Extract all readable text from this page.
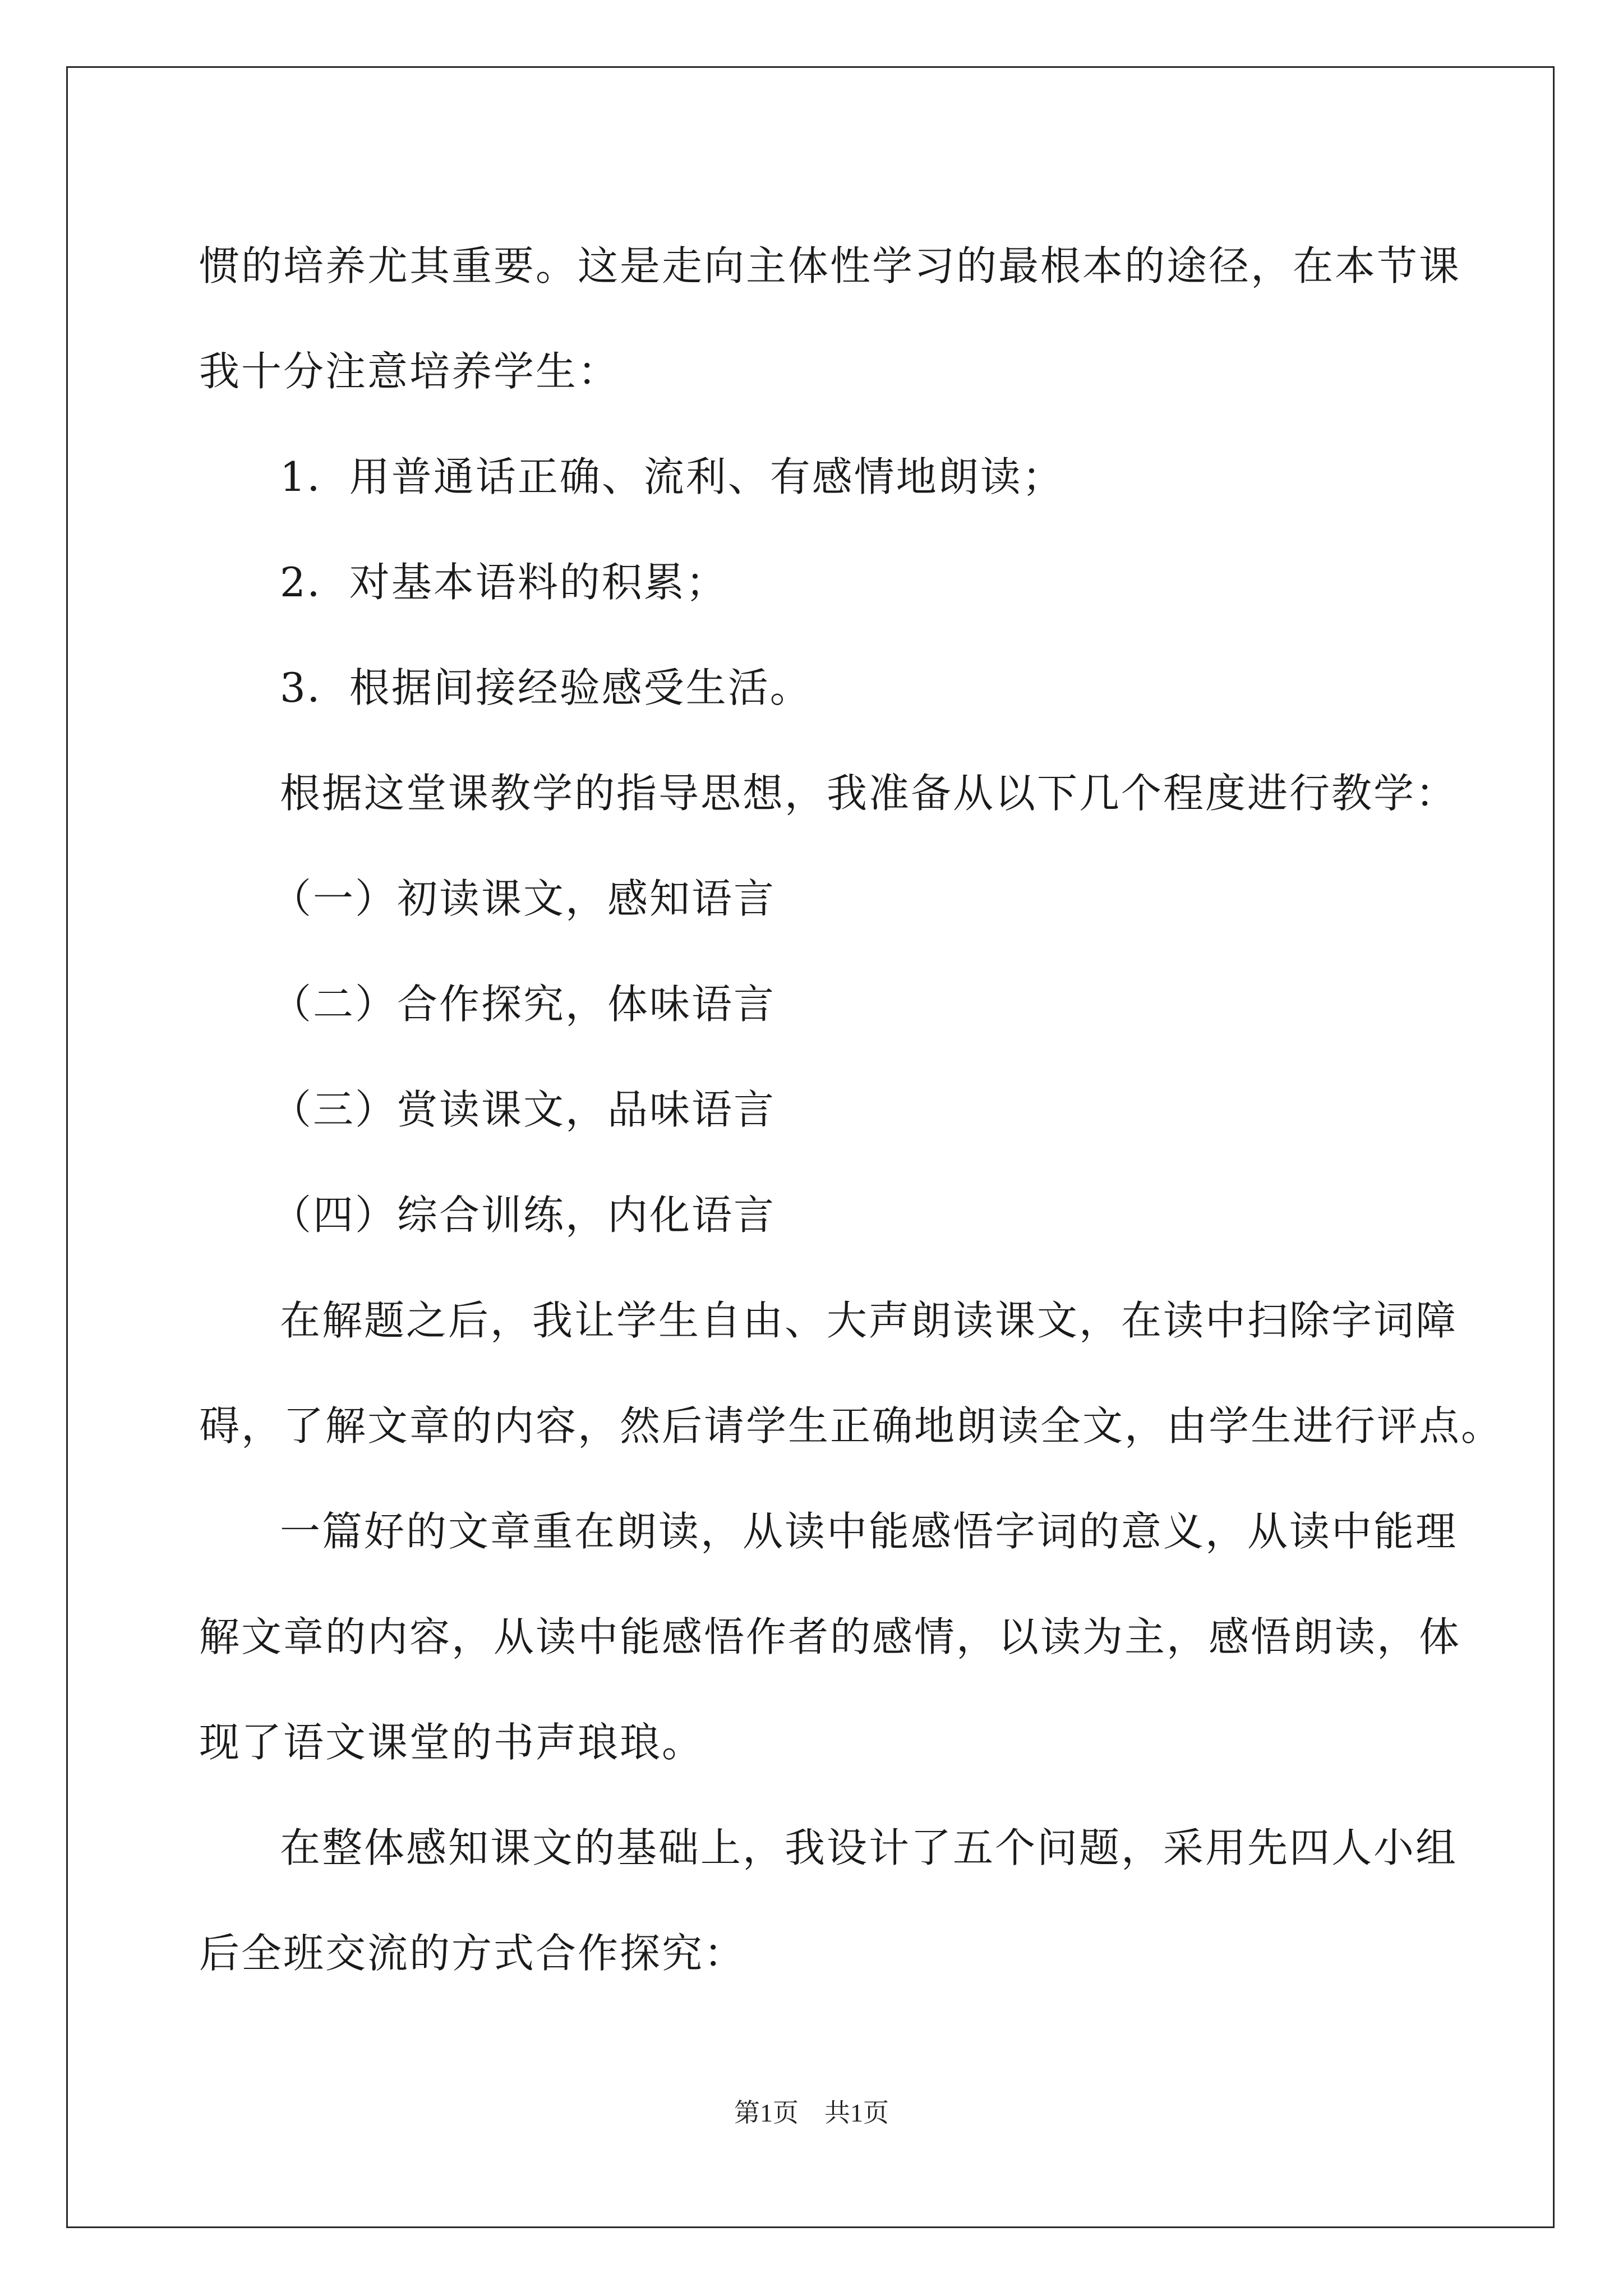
惯的培养尤其重要。这是走向主体性学习的最根本的途径，在本节课
我十分注意培养学生：
1．用普通话正确、流利、有感情地朗读；
2．对基本语料的积累；
3．根据间接经验感受生活。
根据这堂课教学的指导思想，我准备从以下几个程度进行教学：
（一）初读课文，感知语言
（二）合作探究，体味语言
（三）赏读课文，品味语言
（四）综合训练，内化语言
在解题之后，我让学生自由、大声朗读课文，在读中扫除字词障
碍，了解文章的内容，然后请学生正确地朗读全文，由学生进行评点。
一篇好的文章重在朗读，从读中能感悟字词的意义，从读中能理
解文章的内容，从读中能感悟作者的感情，以读为主，感悟朗读，体
现了语文课堂的书声琅琅。
在整体感知课文的基础上，我设计了五个问题，采用先四人小组
后全班交流的方式合作探究：
第1页　共1页
